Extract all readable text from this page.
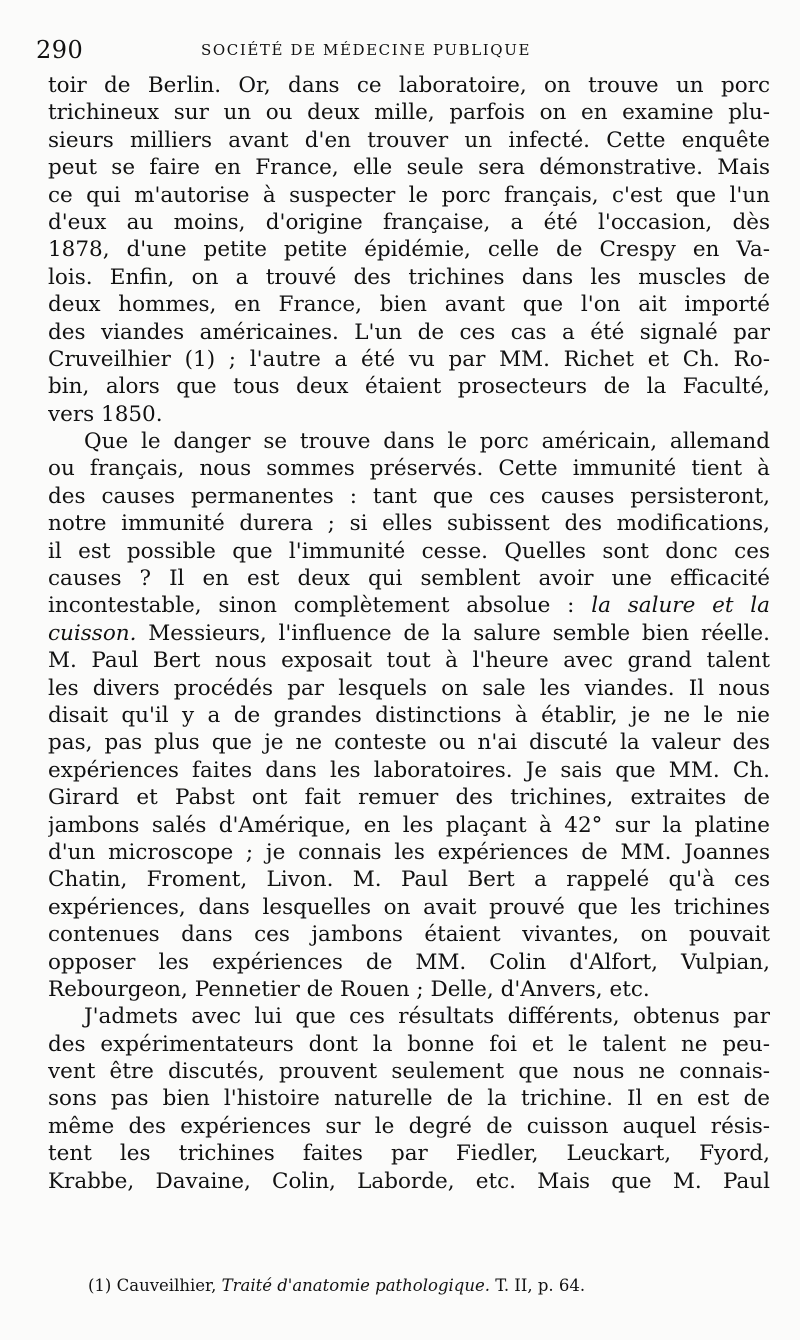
290	SOCIÉTÉ DE MÉDECINE PUBLIQUE
toir de Berlin. Or, dans ce laboratoire, on trouve un porc
trichineux sur un ou deux mille, parfois on en examine plu-
sieurs milliers avant d'en trouver un infecté. Cette enquête
peut se faire en France, elle seule sera démonstrative. Mais
ce qui m'autorise à suspecter le porc français, c'est que l'un
d'eux au moins, d'origine française, a été l'occasion, dès
1878, d'une petite petite épidémie, celle de Crespy en Va-
lois. Enfin, on a trouvé des trichines dans les muscles de
deux hommes, en France, bien avant que l'on ait importé
des viandes américaines. L'un de ces cas a été signalé par
Cruveilhier (1) ; l'autre a été vu par MM. Richet et Ch. Ro-
bin, alors que tous deux étaient prosecteurs de la Faculté,
vers 1850.
Que le danger se trouve dans le porc américain, allemand
ou français, nous sommes préservés. Cette immunité tient à
des causes permanentes : tant que ces causes persisteront,
notre immunité durera ; si elles subissent des modifications,
il est possible que l'immunité cesse. Quelles sont donc ces
causes ? Il en est deux qui semblent avoir une efficacité
incontestable, sinon complètement absolue : la salure et la
cuisson. Messieurs, l'influence de la salure semble bien réelle.
M. Paul Bert nous exposait tout à l'heure avec grand talent
les divers procédés par lesquels on sale les viandes. Il nous
disait qu'il y a de grandes distinctions à établir, je ne le nie
pas, pas plus que je ne conteste ou n'ai discuté la valeur des
expériences faites dans les laboratoires. Je sais que MM. Ch.
Girard et Pabst ont fait remuer des trichines, extraites de
jambons salés d'Amérique, en les plaçant à 42° sur la platine
d'un microscope ; je connais les expériences de MM. Joannes
Chatin, Froment, Livon. M. Paul Bert a rappelé qu'à ces
expériences, dans lesquelles on avait prouvé que les trichines
contenues dans ces jambons étaient vivantes, on pouvait
opposer les expériences de MM. Colin d'Alfort, Vulpian,
Rebourgeon, Pennetier de Rouen ; Delle, d'Anvers, etc.
J'admets avec lui que ces résultats différents, obtenus par
des expérimentateurs dont la bonne foi et le talent ne peu-
vent être discutés, prouvent seulement que nous ne connais-
sons pas bien l'histoire naturelle de la trichine. Il en est de
même des expériences sur le degré de cuisson auquel résis-
tent les trichines faites par Fiedler, Leuckart, Fyord,
Krabbe, Davaine, Colin, Laborde, etc. Mais que M. Paul
(1) Cauveilhier, Traité d'anatomie pathologique. T. II, p. 64.
